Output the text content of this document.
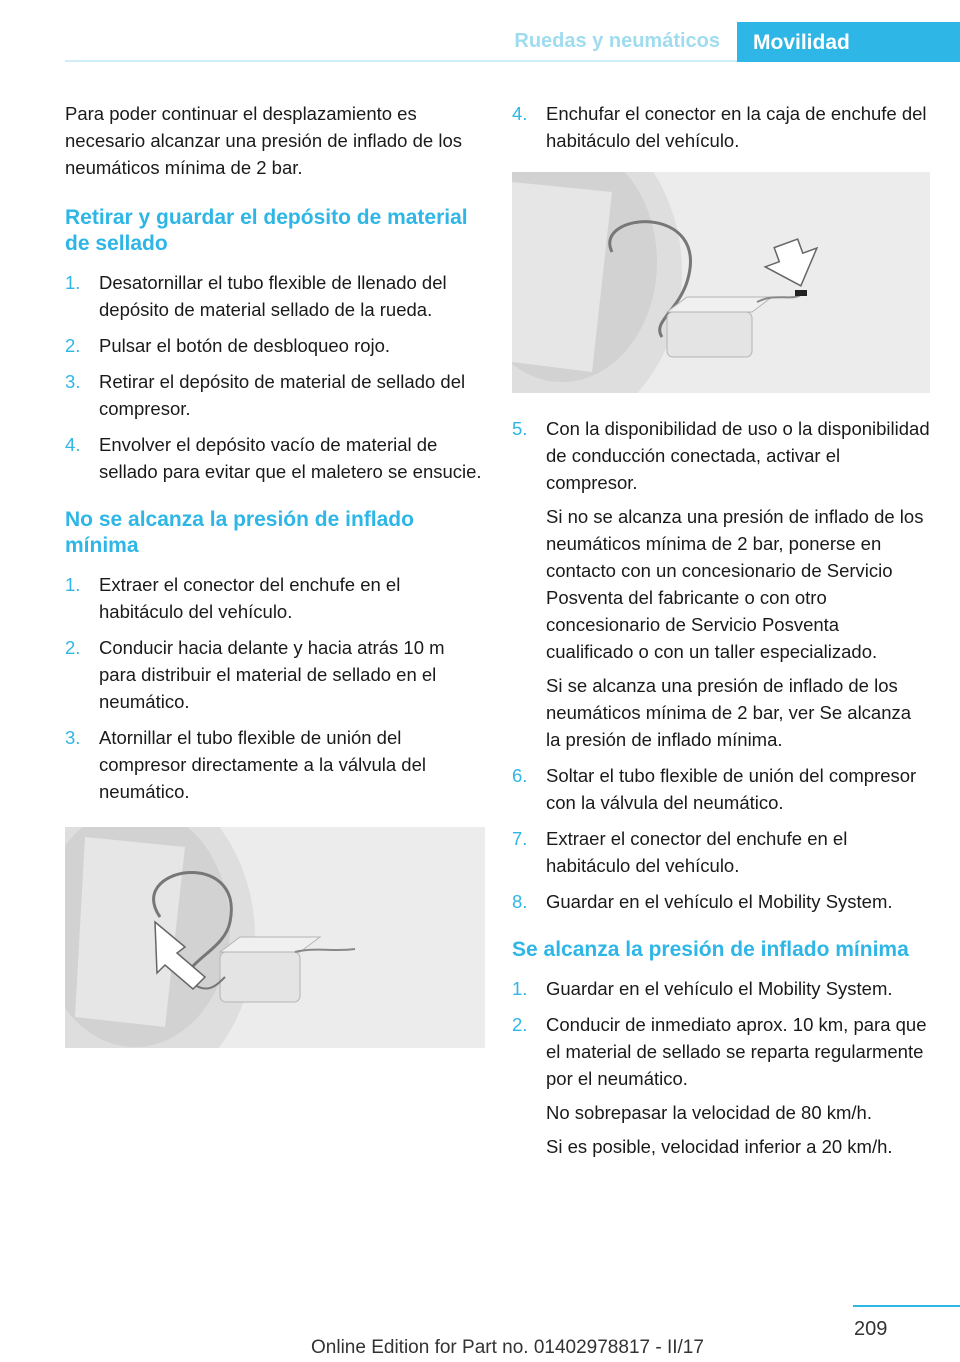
Ruedas y neumáticos	Movilidad

Para poder continuar el desplazamiento es necesario alcanzar una presión de inflado de los neumáticos mínima de 2 bar.

Retirar y guardar el depósito de material de sellado
1. Desatornillar el tubo flexible de llenado del depósito de material sellado de la rueda.
2. Pulsar el botón de desbloqueo rojo.
3. Retirar el depósito de material de sellado del compresor.
4. Envolver el depósito vacío de material de sellado para evitar que el maletero se ensucie.
No se alcanza la presión de inflado mínima
1. Extraer el conector del enchufe en el habitáculo del vehículo.
2. Conducir hacia delante y hacia atrás 10 m para distribuir el material de sellado en el neumático.
3. Atornillar el tubo flexible de unión del compresor directamente a la válvula del neumático.
4. Enchufar el conector en la caja de enchufe del habitáculo del vehículo.
5. Con la disponibilidad de uso o la disponibilidad de conducción conectada, activar el compresor.
Si no se alcanza una presión de inflado de los neumáticos mínima de 2 bar, ponerse en contacto con un concesionario de Servicio Posventa del fabricante o con otro concesionario de Servicio Posventa cualificado o con un taller especializado.
Si se alcanza una presión de inflado de los neumáticos mínima de 2 bar, ver Se alcanza la presión de inflado mínima.
6. Soltar el tubo flexible de unión del compresor con la válvula del neumático.
7. Extraer el conector del enchufe en el habitáculo del vehículo.
8. Guardar en el vehículo el Mobility System.
Se alcanza la presión de inflado mínima
1. Guardar en el vehículo el Mobility System.
2. Conducir de inmediato aprox. 10 km, para que el material de sellado se reparta regularmente por el neumático.
No sobrepasar la velocidad de 80 km/h.
Si es posible, velocidad inferior a 20 km/h.
209
Online Edition for Part no. 01402978817 - II/17
